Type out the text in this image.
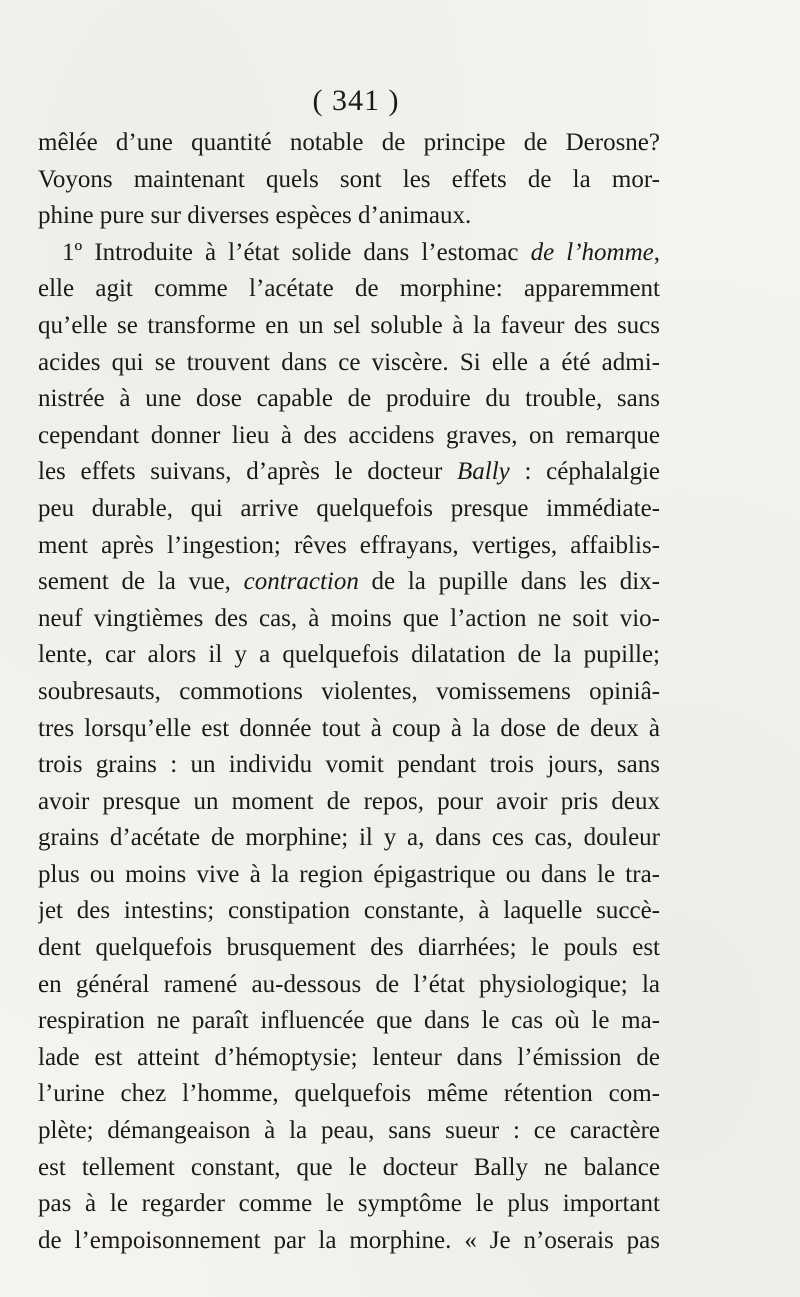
( 341 )
mêlée d’une quantité notable de principe de Derosne?
Voyons maintenant quels sont les effets de la mor-
phine pure sur diverses espèces d’animaux.
1º Introduite à l’état solide dans l’estomac de l’homme,
elle agit comme l’acétate de morphine: apparemment
qu’elle se transforme en un sel soluble à la faveur des sucs
acides qui se trouvent dans ce viscère. Si elle a été admi-
nistrée à une dose capable de produire du trouble, sans
cependant donner lieu à des accidens graves, on remarque
les effets suivans, d’après le docteur Bally : céphalalgie
peu durable, qui arrive quelquefois presque immédiate-
ment après l’ingestion; rêves effrayans, vertiges, affaiblis-
sement de la vue, contraction de la pupille dans les dix-
neuf vingtièmes des cas, à moins que l’action ne soit vio-
lente, car alors il y a quelquefois dilatation de la pupille;
soubresauts, commotions violentes, vomissemens opiniâ-
tres lorsqu’elle est donnée tout à coup à la dose de deux à
trois grains : un individu vomit pendant trois jours, sans
avoir presque un moment de repos, pour avoir pris deux
grains d’acétate de morphine; il y a, dans ces cas, douleur
plus ou moins vive à la region épigastrique ou dans le tra-
jet des intestins; constipation constante, à laquelle succè-
dent quelquefois brusquement des diarrhées; le pouls est
en général ramené au-dessous de l’état physiologique; la
respiration ne paraît influencée que dans le cas où le ma-
lade est atteint d’hémoptysie; lenteur dans l’émission de
l’urine chez l’homme, quelquefois même rétention com-
plète; démangeaison à la peau, sans sueur : ce caractère
est tellement constant, que le docteur Bally ne balance
pas à le regarder comme le symptôme le plus important
de l’empoisonnement par la morphine. « Je n’oserais pas
